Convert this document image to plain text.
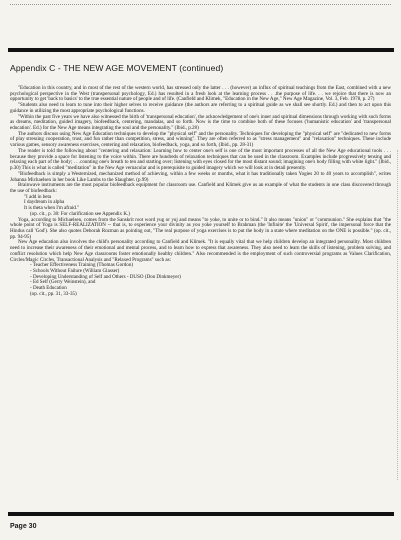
Appendix C - THE NEW AGE MOVEMENT (continued)

"Education in this country, and in most of the rest of the western world, has stressed only the latter . . . (however) an influx of spiritual teachings from the East, combined with a new psychological perspective in the West (transpersonal psychology, Ed.) has resulted in a fresh look at the learning process . . .the purpose of life. . . we rejoice that there is now an opportunity to get 'back to basics' to the true essential nature of people and of life. (Canfield and Klimek, "Education in the New Age," New Age Magazine, Vol. 3, Feb. 1978, p. 27)

"Students also need to learn to tune into their higher selves to receive guidance (the authors are referring to a spiritual guide as we shall see shortly. Ed.) and then to act upon this guidance in utilizing the most appropriate psychological functions.

"Within the past five years we have also witnessed the birth of 'transpersonal education', the acknowledgement of one's inner and spiritual dimensions through working with such forms as dreams, meditation, guided imagery, biofeedback, centering, mandalas, and so forth. Now is the time to combine both of these focuses ('humanistic education' and 'transpersonal education'. Ed.) for the New Age means integrating the soul and the personality." (Ibid., p.28)

The authors discuss using New Age Education techniques to develop the "physical self" and the personality. Techniques for developing the "physical self" are "dedicated to new forms of play stressing cooperation, trust, and fun rather than competition, stress, and winning". They are often referred to as "stress management" and "relaxation" techniques. These include various games, sensory awareness exercises, centering and relaxation, biofeedback, yoga, and so forth, (Ibid., pp. 28-31)

The reader is told the following about "centering and relaxation: Learning how to center one's self is one of the most important processes of all the New Age educational tools . . . because they provide a space for listening to the voice within. There are hundreds of relaxation techniques that can be used in the classroom. Examples include progressively tensing and relaxing each part of the body; . . .counting one's breath to ten and starting over; listening with eyes closed for the most distant sound; imagining one's body filling with white light." (Ibid., p.30) This is what is called "meditation" in the New Age vernacular and is prerequisite to guided imagery which we will look at in detail presently.

"Biofeedback is simply a Westernized, mechanized method of achieving, within a few weeks or months, what it has traditionally taken Yogies 20 to 40 years to accomplish", writes Johanna Michaelsen in her book Like Lambs to the Slaughter. (p.99)

Brainwave instruments are the most popular biofeedback equipment for classroom use. Canfield and Klimek give us an example of what the students in one class discovered through the use of biofeedback:

"I add in beta
I daydream in alpha
It is theta when I'm afraid."
(op. cit., p. 30: For clarification see Appendix K.)

Yoga, according to Michaelsen, comes from the Sanskrit root word yug or yuj and means "to yoke, to unite or to bind." It also means "union" or "communion." She explains that "the whole point of Yoga is SELF-REALIZATION -- that is, to experience your divinity as you yoke yourself to Brahman (the 'Infinite' the 'Universal Spirit', the impersonal force that the Hindus call 'God'). She also quotes Deborah Rozman as pointing out, "The real purpose of yoga exercises is to put the body in a state where meditation on the ONE is possible." (op. cit., pp. 94-95)

New Age education also involves the child's personality according to Canfield and Klimek. "It is equally vital that we help children develop an integrated personality. Most children need to increase their awareness of their emotional and mental process, and to learn how to express that awareness. They also need to learn the skills of listening, problem solving, and conflict resolution which help New Age classrooms foster emotionally healthy children." Also recommended is the employment of such controversial programs as Values Clarification, Circles/Magic Circles, Transactional Analysis and "Relaxed Programs" such as:

- Teacher Effectiveness Training (Thomas Gordon)
- Schools Without Failure (William Glasser)
- Developing Understanding of Self and Others - DUSO (Don Dinkmeyer)
- Ed Self (Gerry Weinstein), and
- Death Education
(op. cit., pp. 31, 33-35)
Page 30
